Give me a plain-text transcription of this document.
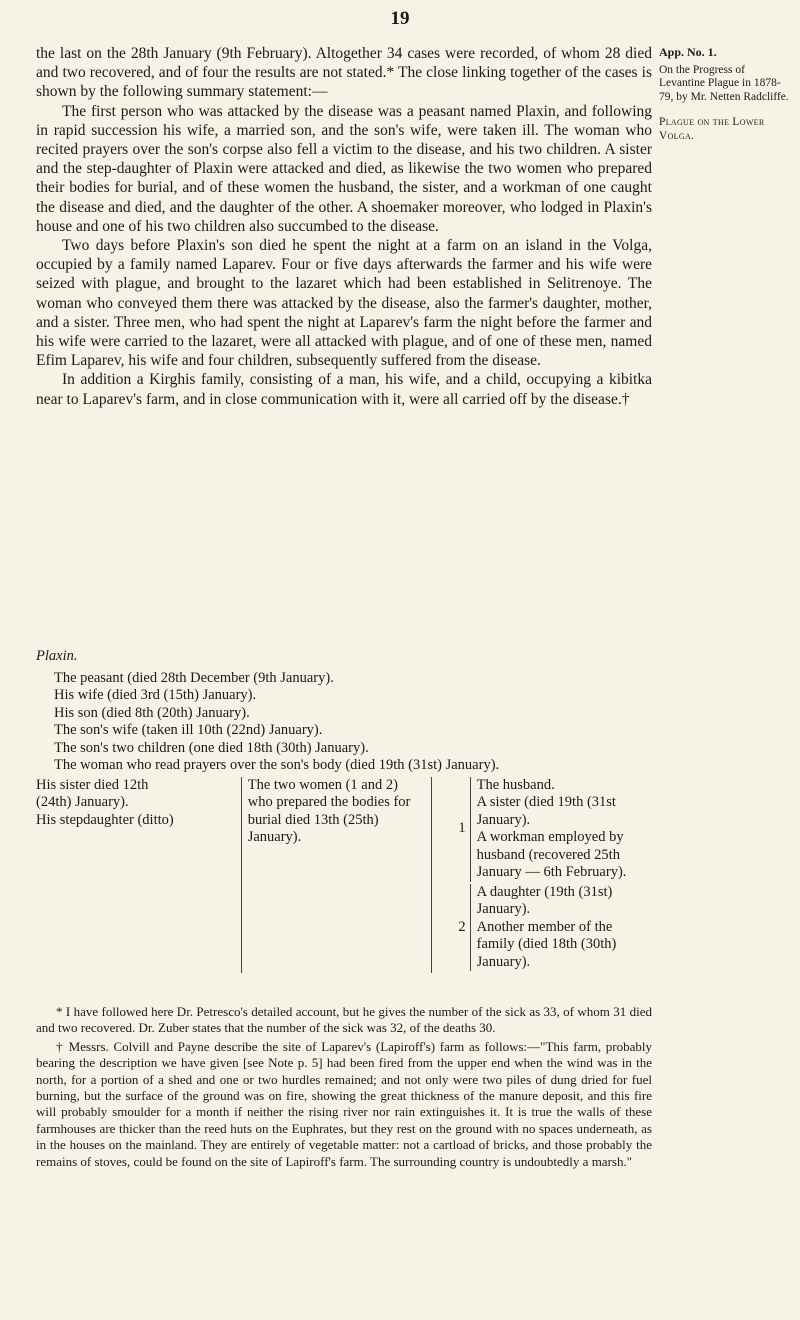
19

the last on the 28th January (9th February). Altogether 34 cases were recorded, of whom 28 died and two recovered, and of four the results are not stated.* The close linking together of the cases is shown by the following summary statement:—

The first person who was attacked by the disease was a peasant named Plaxin, and following in rapid succession his wife, a married son, and the son's wife, were taken ill. The woman who recited prayers over the son's corpse also fell a victim to the disease, and his two children. A sister and the step-daughter of Plaxin were attacked and died, as likewise the two women who prepared their bodies for burial, and of these women the husband, the sister, and a workman of one caught the disease and died, and the daughter of the other. A shoemaker moreover, who lodged in Plaxin's house and one of his two children also succumbed to the disease.

Two days before Plaxin's son died he spent the night at a farm on an island in the Volga, occupied by a family named Laparev. Four or five days afterwards the farmer and his wife were seized with plague, and brought to the lazaret which had been established in Selitrenoye. The woman who conveyed them there was attacked by the disease, also the farmer's daughter, mother, and a sister. Three men, who had spent the night at Laparev's farm the night before the farmer and his wife were carried to the lazaret, were all attacked with plague, and of one of these men, named Efim Laparev, his wife and four children, subsequently suffered from the disease.

In addition a Kirghis family, consisting of a man, his wife, and a child, occupying a kibitka near to Laparev's farm, and in close communication with it, were all carried off by the disease.†

App. No. 1.
On the Progress of Levantine Plague in 1878-79, by Mr. Netten Radcliffe.
Plague on the Lower Volga.
Plaxin.
The peasant (died 28th December (9th January).
His wife (died 3rd (15th) January).
His son (died 8th (20th) January).
The son's wife (taken ill 10th (22nd) January).
The son's two children (one died 18th (30th) January).
The woman who read prayers over the son's body (died 19th (31st) January).
His sister died 12th
(24th) January).
His stepdaughter (ditto)
The two women (1 and 2) who prepared the bodies for burial died 13th (25th) January).
1
The husband.
A sister (died 19th (31st January).
A workman employed by husband (recovered 25th January — 6th February).
2
A daughter (19th (31st) January).
Another member of the family (died 18th (30th) January).

* I have followed here Dr. Petresco's detailed account, but he gives the number of the sick as 33, of whom 31 died and two recovered. Dr. Zuber states that the number of the sick was 32, of the deaths 30.

† Messrs. Colvill and Payne describe the site of Laparev's (Lapiroff's) farm as follows:—"This farm, probably bearing the description we have given [see Note p. 5] had been fired from the upper end when the wind was in the north, for a portion of a shed and one or two hurdles remained; and not only were two piles of dung dried for fuel burning, but the surface of the ground was on fire, showing the great thickness of the manure deposit, and this fire will probably smoulder for a month if neither the rising river nor rain extinguishes it. It is true the walls of these farmhouses are thicker than the reed huts on the Euphrates, but they rest on the ground with no spaces underneath, as in the houses on the mainland. They are entirely of vegetable matter: not a cartload of bricks, and those probably the remains of stoves, could be found on the site of Lapiroff's farm. The surrounding country is undoubtedly a marsh."
